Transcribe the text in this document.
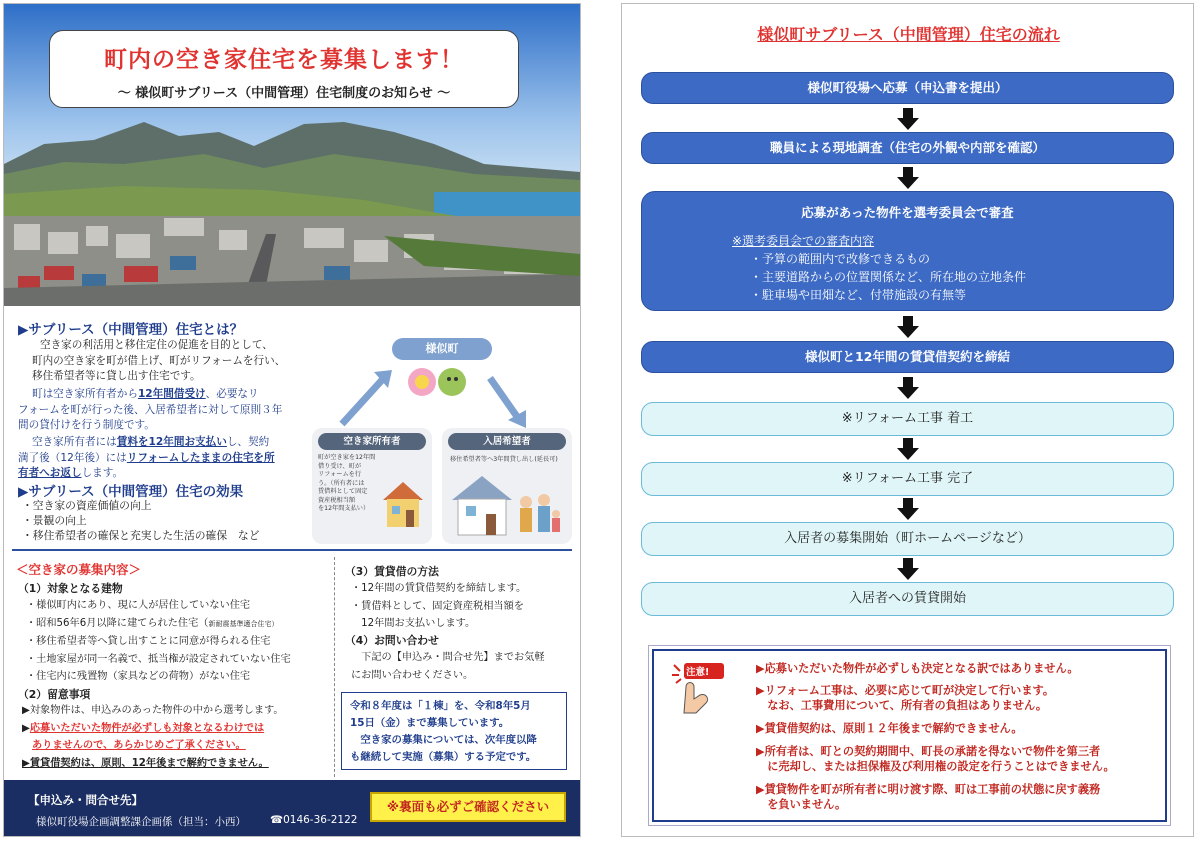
町内の空き家住宅を募集します！
～ 様似町サブリース（中間管理）住宅制度のお知らせ ～
▶サブリース（中間管理）住宅とは？
空き家の利活用と移住定住の促進を目的として、
町内の空き家を町が借上げ、町がリフォームを行い、
移住希望者等に貸し出す住宅です。
町は空き家所有者から12年間借受け、必要なリ
フォームを町が行った後、入居希望者に対して原則３年
間の貸付けを行う制度です。
空き家所有者には賃料を12年間お支払いし、契約
満了後（12年後）にはリフォームしたままの住宅を所
有者へお返しします。
▶サブリース（中間管理）住宅の効果
・空き家の資産価値の向上
・景観の向上
・移住希望者の確保と充実した生活の確保　など
様似町
空き家所有者
町が空き家を12年間借り受け、町が
リフォームを行
う。（所有者には
賃借料として固定
資産税相当額
を12年間支払い）
入居希望者
移住希望者等へ3年間貸し出し(延長可)
＜空き家の募集内容＞
（1）対象となる建物
・様似町内にあり、現に人が居住していない住宅
・昭和56年6月以降に建てられた住宅（新耐震基準適合住宅）
・移住希望者等へ貸し出すことに同意が得られる住宅
・土地家屋が同一名義で、抵当権が設定されていない住宅
・住宅内に残置物（家具などの荷物）がない住宅
（2）留意事項
▶対象物件は、申込みのあった物件の中から選考します。
▶応募いただいた物件が必ずしも対象となるわけでは
ありませんので、あらかじめご了承ください。
▶賃貸借契約は、原則、12年後まで解約できません。
（3）賃貸借の方法
・12年間の賃貸借契約を締結します。
・賃借料として、固定資産税相当額を
　12年間お支払いします。
（4）お問い合わせ
　下記の【申込み・問合せ先】までお気軽
にお問い合わせください。
令和８年度は「１棟」を、令和8年5月
15日（金）まで募集しています。
　空き家の募集については、次年度以降
も継続して実施（募集）する予定です。
【申込み・問合せ先】
様似町役場企画調整課企画係（担当：小西） ☎0146-36-2122
※裏面も必ずご確認ください
様似町サブリース（中間管理）住宅の流れ
様似町役場へ応募（申込書を提出）
職員による現地調査（住宅の外観や内部を確認）
応募があった物件を選考委員会で審査
※選考委員会での審査内容
・予算の範囲内で改修できるもの
・主要道路からの位置関係など、所在地の立地条件
・駐車場や田畑など、付帯施設の有無等
様似町と12年間の賃貸借契約を締結
※リフォーム工事 着工
※リフォーム工事 完了
入居者の募集開始（町ホームページなど）
入居者への賃貸開始
注意!	▶応募いただいた物件が必ずしも決定となる訳ではありません。
▶リフォーム工事は、必要に応じて町が決定して行います。
　なお、工事費用について、所有者の負担はありません。
▶賃貸借契約は、原則１２年後まで解約できません。
▶所有者は、町との契約期間中、町長の承諾を得ないで物件を第三者
　に売却し、または担保権及び利用権の設定を行うことはできません。
▶賃貸物件を町が所有者に明け渡す際、町は工事前の状態に戻す義務
　を負いません。
